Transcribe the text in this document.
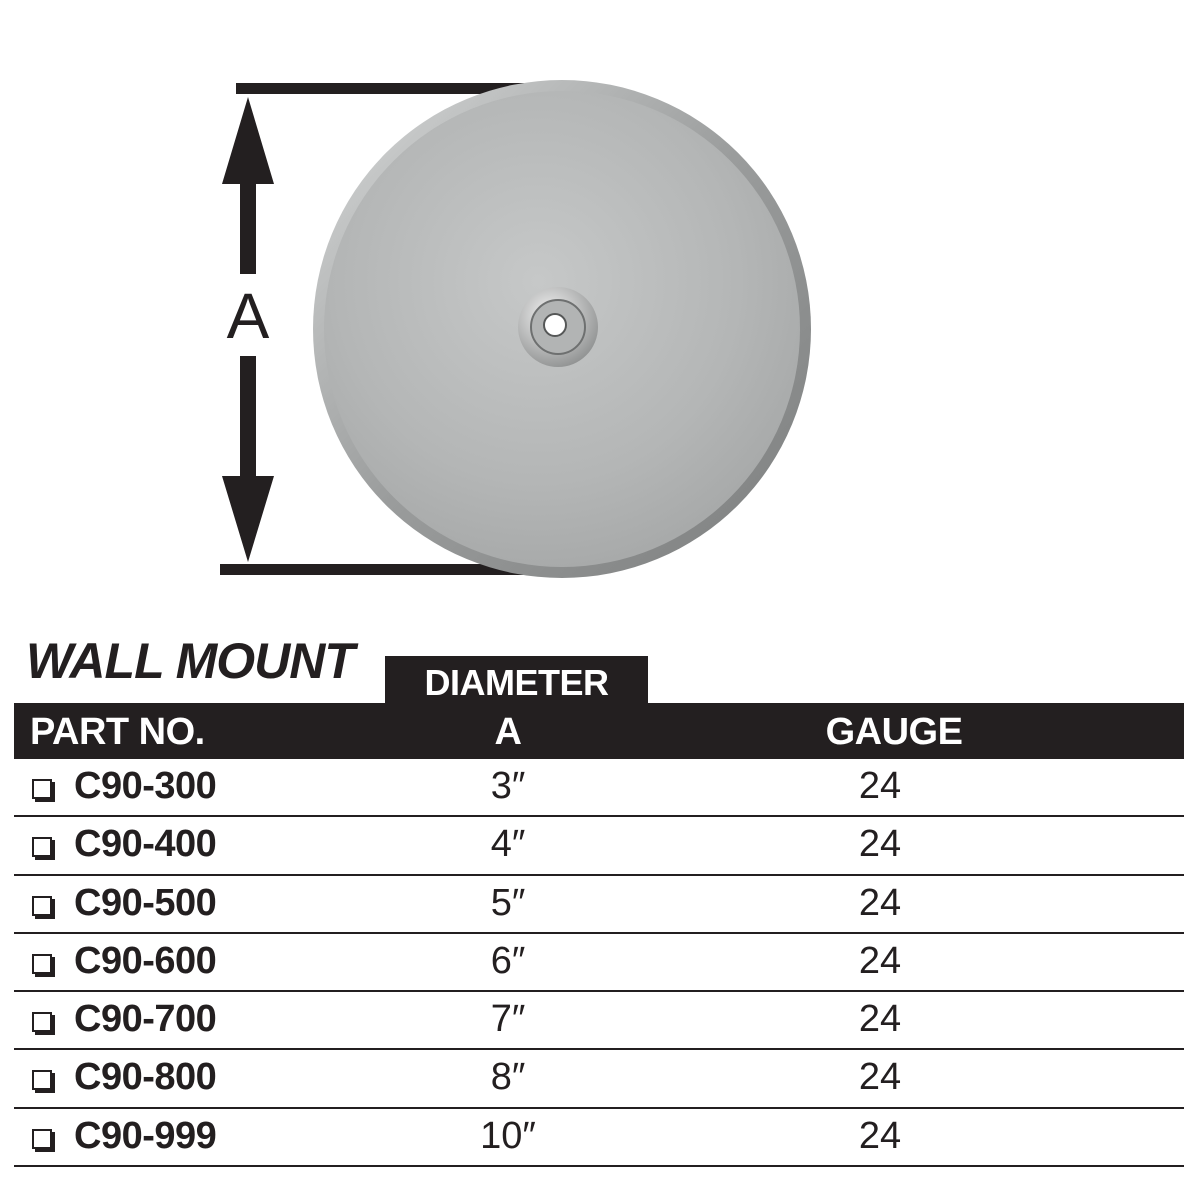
A
WALL MOUNT	DIAMETER
PART NO.	A	GAUGE
C90-300	3″	24
C90-400	4″	24
C90-500	5″	24
C90-600	6″	24
C90-700	7″	24
C90-800	8″	24
C90-999	10″	24
